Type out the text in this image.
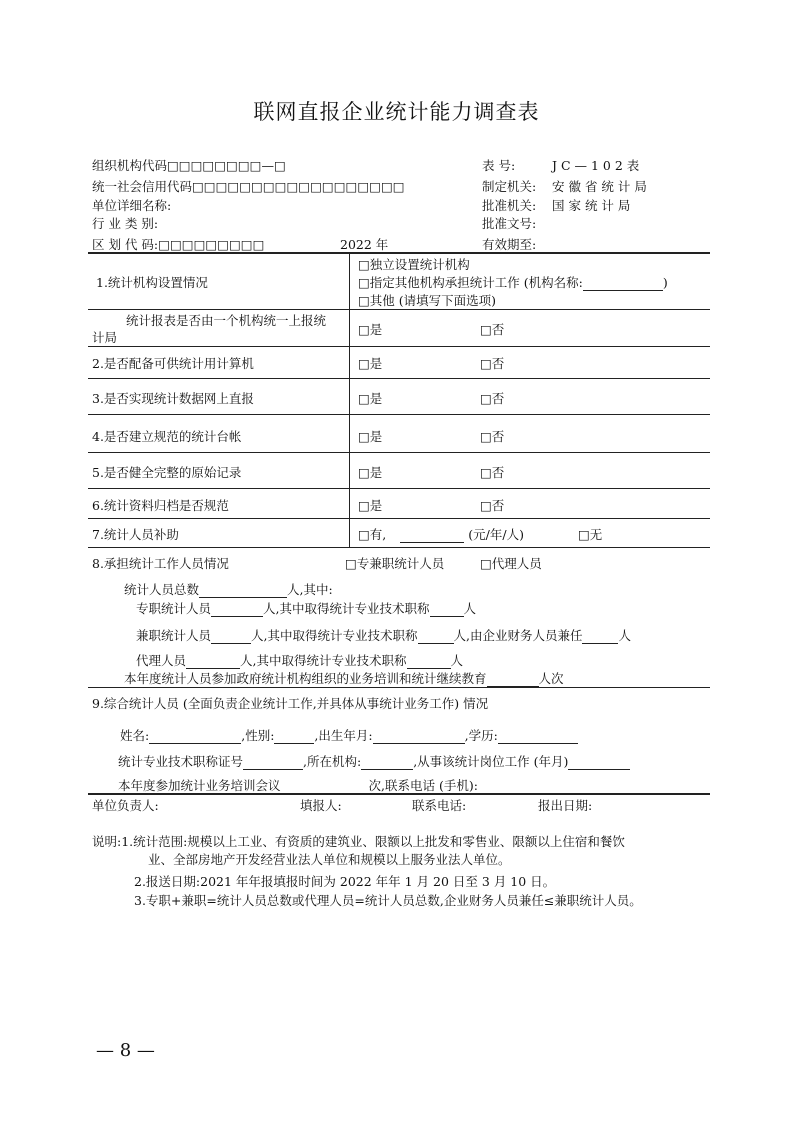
联网直报企业统计能力调查表
组织机构代码□□□□□□□□—□
统一社会信用代码□□□□□□□□□□□□□□□□□□
单位详细名称:
行 业 类 别:
区 划 代 码:□□□□□□□□□	2022 年
表 号:	J C — 1 0 2 表
制定机关: 安 徽 省 统 计 局
批准机关: 国 家 统 计 局
批准文号:
有效期至:
1.统计机构设置情况
□独立设置统计机构
□指定其他机构承担统计工作 (机构名称:	)
□其他 (请填写下面选项)
统计报表是否由一个机构统一上报统
计局
□是	□否
2.是否配备可供统计用计算机	□是	□否
3.是否实现统计数据网上直报	□是	□否
4.是否建立规范的统计台帐	□是	□否
5.是否健全完整的原始记录	□是	□否
6.统计资料归档是否规范	□是	□否
7.统计人员补助	□有,	(元/年/人)	□无
8.承担统计工作人员情况	□专兼职统计人员	□代理人员
统计人员总数	人,其中:
专职统计人员	人,其中取得统计专业技术职称	人
兼职统计人员	人,其中取得统计专业技术职称	人,由企业财务人员兼任	人
代理人员	人,其中取得统计专业技术职称	人
本年度统计人员参加政府统计机构组织的业务培训和统计继续教育	人次
9.综合统计人员 (全面负责企业统计工作,并具体从事统计业务工作) 情况
姓名:	,性别:	,出生年月:	,学历:
统计专业技术职称证号	,所在机构:	,从事该统计岗位工作 (年月)
本年度参加统计业务培训会议	次,联系电话 (手机):
单位负责人:	填报人:	联系电话:	报出日期:
说明:1.统计范围:规模以上工业、有资质的建筑业、限额以上批发和零售业、限额以上住宿和餐饮
业、全部房地产开发经营业法人单位和规模以上服务业法人单位。
2.报送日期:2021 年年报填报时间为 2022 年年 1 月 20 日至 3 月 10 日。
3.专职+兼职=统计人员总数或代理人员=统计人员总数,企业财务人员兼任≤兼职统计人员。
— 8 —
